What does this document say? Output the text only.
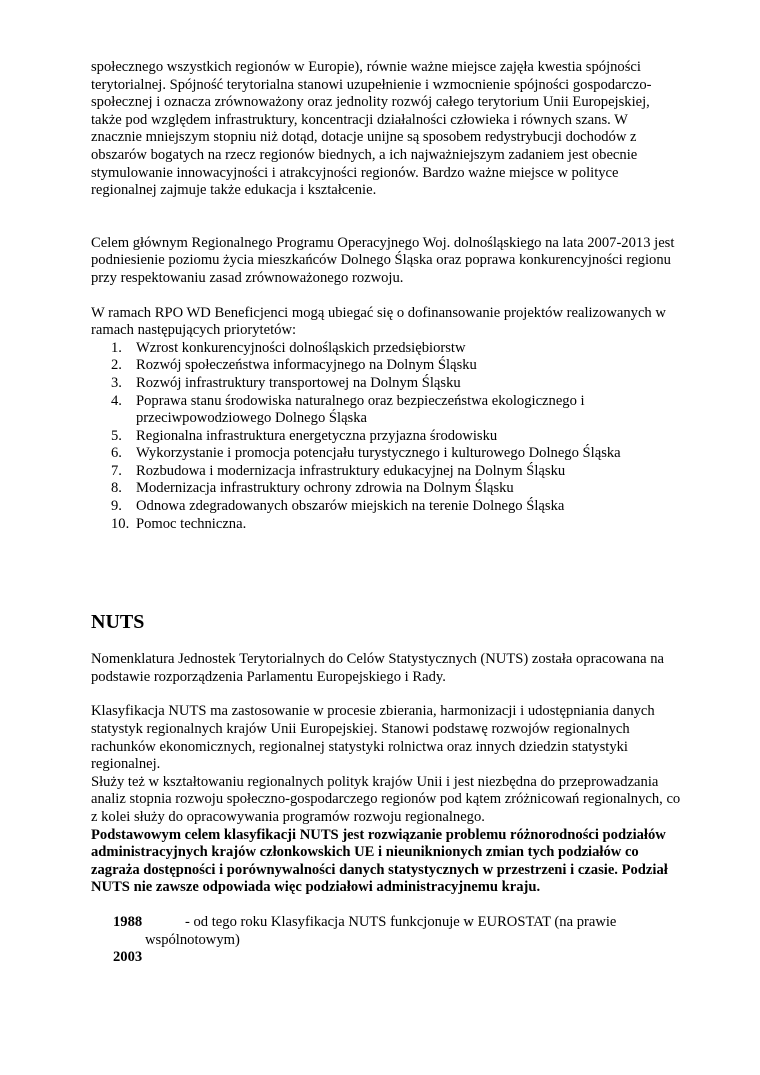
społecznego wszystkich regionów w Europie), równie ważne miejsce zajęła kwestia spójności terytorialnej. Spójność terytorialna stanowi uzupełnienie i wzmocnienie spójności gospodarczo-społecznej i oznacza zrównoważony oraz jednolity rozwój całego terytorium Unii Europejskiej, także pod względem infrastruktury, koncentracji działalności człowieka i równych szans. W znacznie mniejszym stopniu niż dotąd, dotacje unijne są sposobem redystrybucji dochodów z obszarów bogatych na rzecz regionów biednych, a ich najważniejszym zadaniem jest obecnie stymulowanie innowacyjności i atrakcyjności regionów. Bardzo ważne miejsce w polityce regionalnej zajmuje także edukacja i kształcenie.

Celem głównym Regionalnego Programu Operacyjnego Woj. dolnośląskiego na lata 2007-2013 jest podniesienie poziomu życia mieszkańców Dolnego Śląska oraz poprawa konkurencyjności regionu przy respektowaniu zasad zrównoważonego rozwoju.

W ramach RPO WD Beneficjenci mogą ubiegać się o dofinansowanie projektów realizowanych w ramach następujących priorytetów:

1. Wzrost konkurencyjności dolnośląskich przedsiębiorstw
2. Rozwój społeczeństwa informacyjnego na Dolnym Śląsku
3. Rozwój infrastruktury transportowej na Dolnym Śląsku
4. Poprawa stanu środowiska naturalnego oraz bezpieczeństwa ekologicznego i przeciwpowodziowego Dolnego Śląska
5. Regionalna infrastruktura energetyczna przyjazna środowisku
6. Wykorzystanie i promocja potencjału turystycznego i kulturowego Dolnego Śląska
7. Rozbudowa i modernizacja infrastruktury edukacyjnej na Dolnym Śląsku
8. Modernizacja infrastruktury ochrony zdrowia na Dolnym Śląsku
9. Odnowa zdegradowanych obszarów miejskich na terenie Dolnego Śląska
10. Pomoc techniczna.
NUTS

Nomenklatura Jednostek Terytorialnych do Celów Statystycznych (NUTS) została opracowana na podstawie rozporządzenia Parlamentu Europejskiego i Rady.

Klasyfikacja NUTS ma zastosowanie w procesie zbierania, harmonizacji i udostępniania danych statystyk regionalnych krajów Unii Europejskiej. Stanowi podstawę rozwojów regionalnych rachunków ekonomicznych, regionalnej statystyki rolnictwa oraz innych dziedzin statystyki regionalnej.

Służy też w kształtowaniu regionalnych polityk krajów Unii i jest niezbędna do przeprowadzania analiz stopnia rozwoju społeczno-gospodarczego regionów pod kątem zróżnicowań regionalnych, co z kolei służy do opracowywania programów rozwoju regionalnego.

Podstawowym celem klasyfikacji NUTS jest rozwiązanie problemu różnorodności podziałów administracyjnych krajów członkowskich UE i nieuniknionych zmian tych podziałów co zagraża dostępności i porównywalności danych statystycznych w przestrzeni i czasie. Podział NUTS nie zawsze odpowiada więc podziałowi administracyjnemu kraju.

1988	- od tego roku Klasyfikacja NUTS funkcjonuje w EUROSTAT (na prawie wspólnotowym)
2003
